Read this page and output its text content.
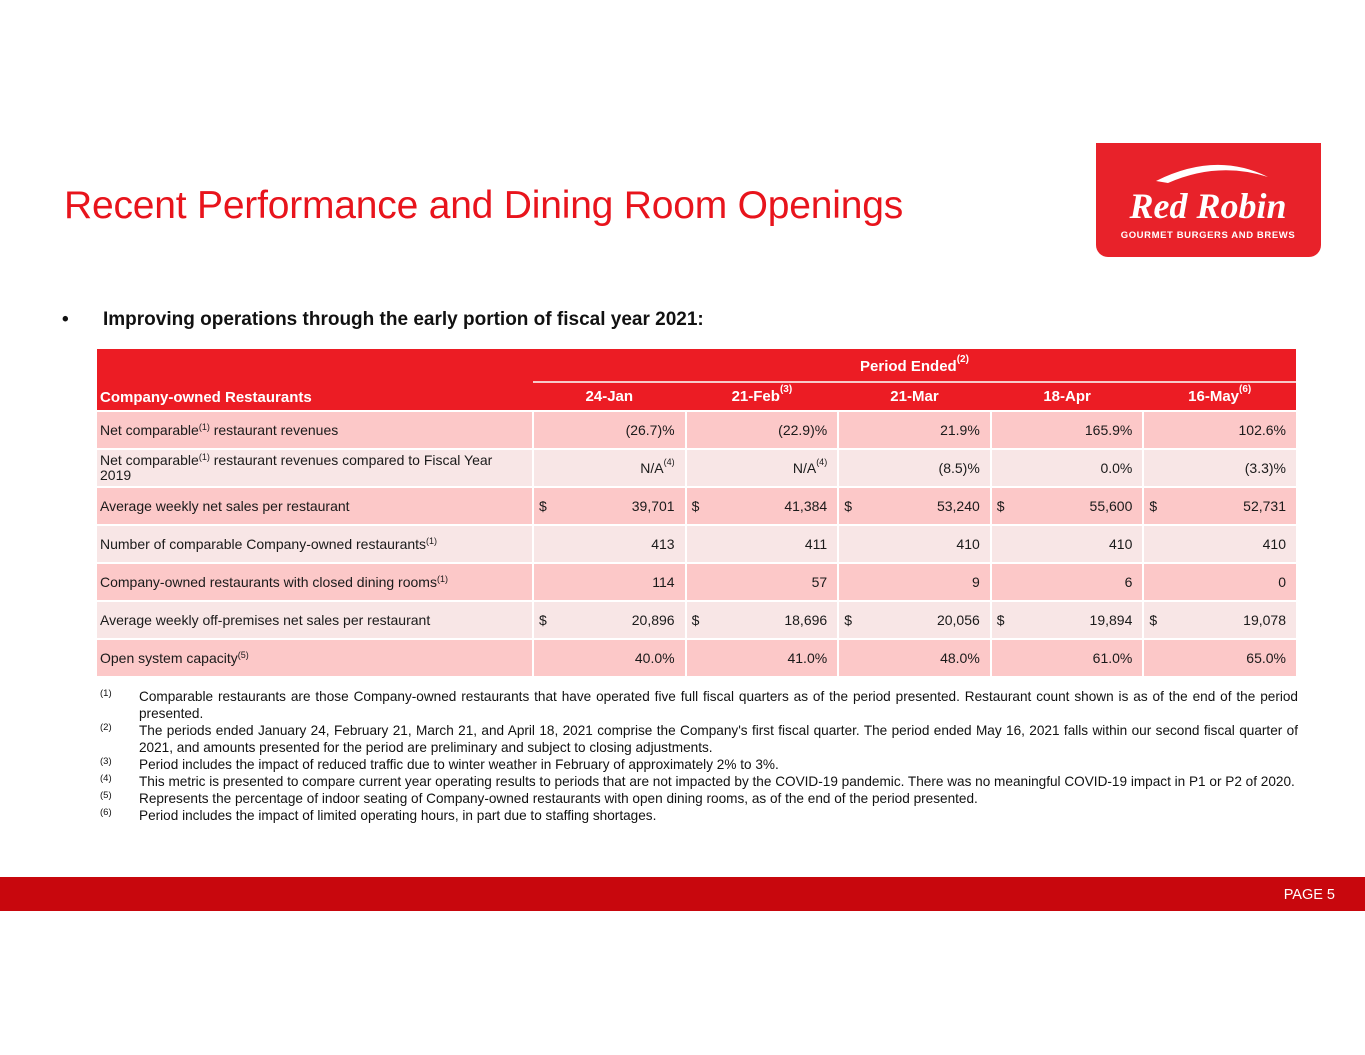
Recent Performance and Dining Room Openings	Red Robin
GOURMET BURGERS AND BREWS
• Improving operations through the early portion of fiscal year 2021:
Company-owned Restaurants	Period Ended$^{(2)}$
	24-Jan	21-Feb$^{(3)}$	21-Mar	18-Apr	16-May$^{(6)}$
Net comparable$^{(1)}$ restaurant revenues	(26.7)%	(22.9)%	21.9%	165.9%	102.6%
Net comparable$^{(1)}$ restaurant revenues compared to Fiscal Year 2019	$N/A^{(4)}$	$N/A^{(4)}$	(8.5)%	0.0%	(3.3)%
Average weekly net sales per restaurant	$ 39,701	$ 41,384	$ 53,240	$ 55,600	$ 52,731
Number of comparable Company-owned restaurants$^{(1)}$	413	411	410	410	410
Company-owned restaurants with closed dining rooms$^{(1)}$	114	57	9	6	0
Average weekly off-premises net sales per restaurant	$ 20,896	$ 18,696	$ 20,056	$ 19,894	$ 19,078
Open system capacity$^{(5)}$	40.0%	41.0%	48.0%	61.0%	65.0%
(1) Comparable restaurants are those Company-owned restaurants that have operated five full fiscal quarters as of the period presented. Restaurant count shown is as of the end of the period presented.
(2) The periods ended January 24, February 21, March 21, and April 18, 2021 comprise the Company's first fiscal quarter. The period ended May 16, 2021 falls within our second fiscal quarter of 2021, and amounts presented for the period are preliminary and subject to closing adjustments.
(3) Period includes the impact of reduced traffic due to winter weather in February of approximately 2% to 3%.
(4) This metric is presented to compare current year operating results to periods that are not impacted by the COVID-19 pandemic. There was no meaningful COVID-19 impact in P1 or P2 of 2020.
(5) Represents the percentage of indoor seating of Company-owned restaurants with open dining rooms, as of the end of the period presented.
(6) Period includes the impact of limited operating hours, in part due to staffing shortages.
PAGE 5
